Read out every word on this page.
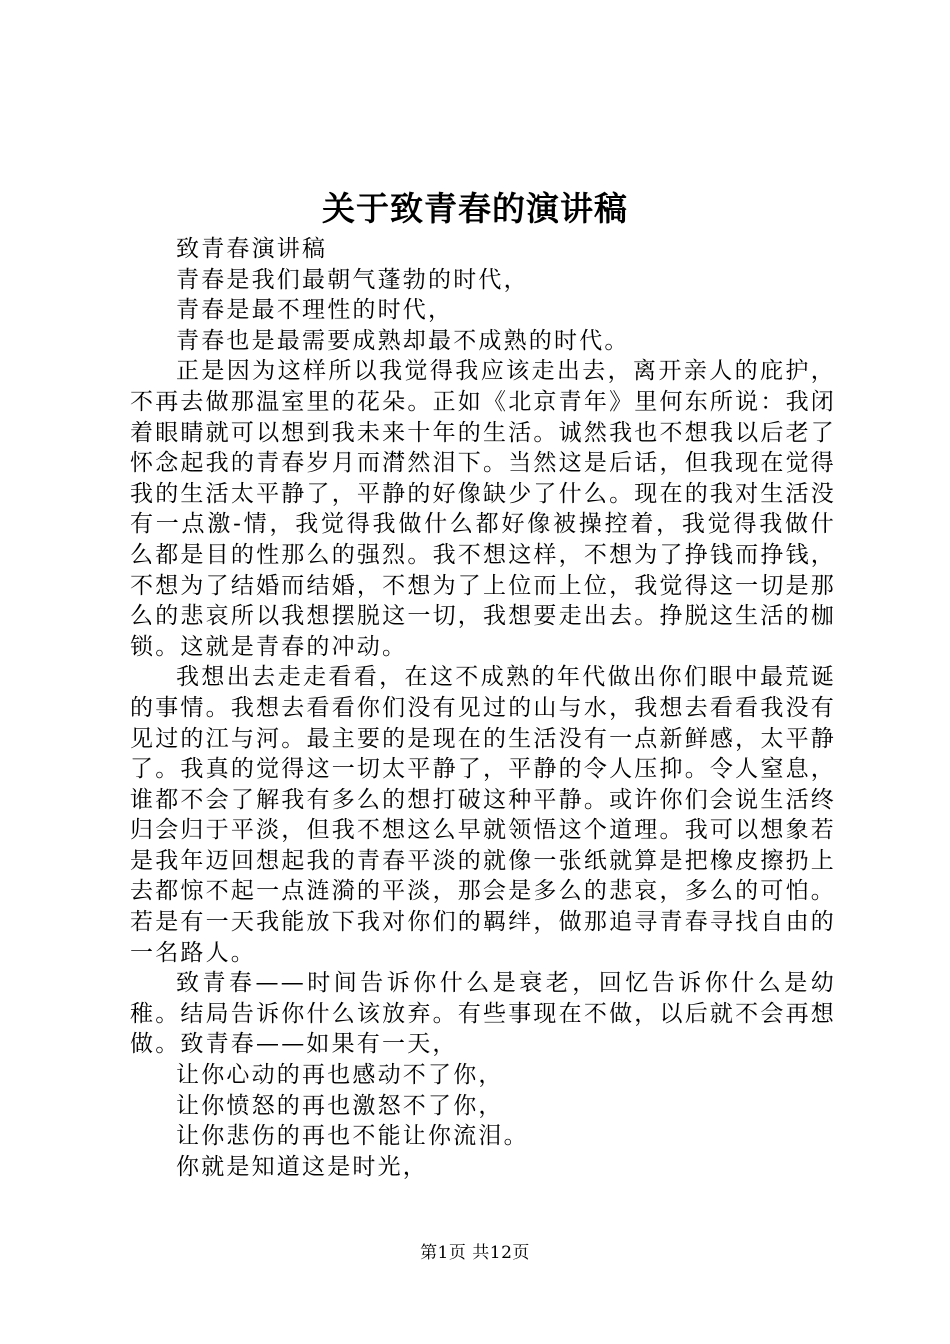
关于致青春的演讲稿

致青春演讲稿

青春是我们最朝气蓬勃的时代，

青春是最不理性的时代，

青春也是最需要成熟却最不成熟的时代。

正是因为这样所以我觉得我应该走出去，离开亲人的庇护，不再去做那温室里的花朵。正如《北京青年》里何东所说：我闭着眼睛就可以想到我未来十年的生活。诚然我也不想我以后老了怀念起我的青春岁月而潸然泪下。当然这是后话，但我现在觉得我的生活太平静了，平静的好像缺少了什么。现在的我对生活没有一点激-情，我觉得我做什么都好像被操控着，我觉得我做什么都是目的性那么的强烈。我不想这样，不想为了挣钱而挣钱，不想为了结婚而结婚，不想为了上位而上位，我觉得这一切是那么的悲哀所以我想摆脱这一切，我想要走出去。挣脱这生活的枷锁。这就是青春的冲动。

我想出去走走看看，在这不成熟的年代做出你们眼中最荒诞的事情。我想去看看你们没有见过的山与水，我想去看看我没有见过的江与河。最主要的是现在的生活没有一点新鲜感，太平静了。我真的觉得这一切太平静了，平静的令人压抑。令人窒息，谁都不会了解我有多么的想打破这种平静。或许你们会说生活终归会归于平淡，但我不想这么早就领悟这个道理。我可以想象若是我年迈回想起我的青春平淡的就像一张纸就算是把橡皮擦扔上去都惊不起一点涟漪的平淡，那会是多么的悲哀，多么的可怕。若是有一天我能放下我对你们的羁绊，做那追寻青春寻找自由的一名路人。

致青春——时间告诉你什么是衰老，回忆告诉你什么是幼稚。结局告诉你什么该放弃。有些事现在不做，以后就不会再想做。致青春——如果有一天，

让你心动的再也感动不了你，

让你愤怒的再也激怒不了你，

让你悲伤的再也不能让你流泪。

你就是知道这是时光，

第1页 共12页
